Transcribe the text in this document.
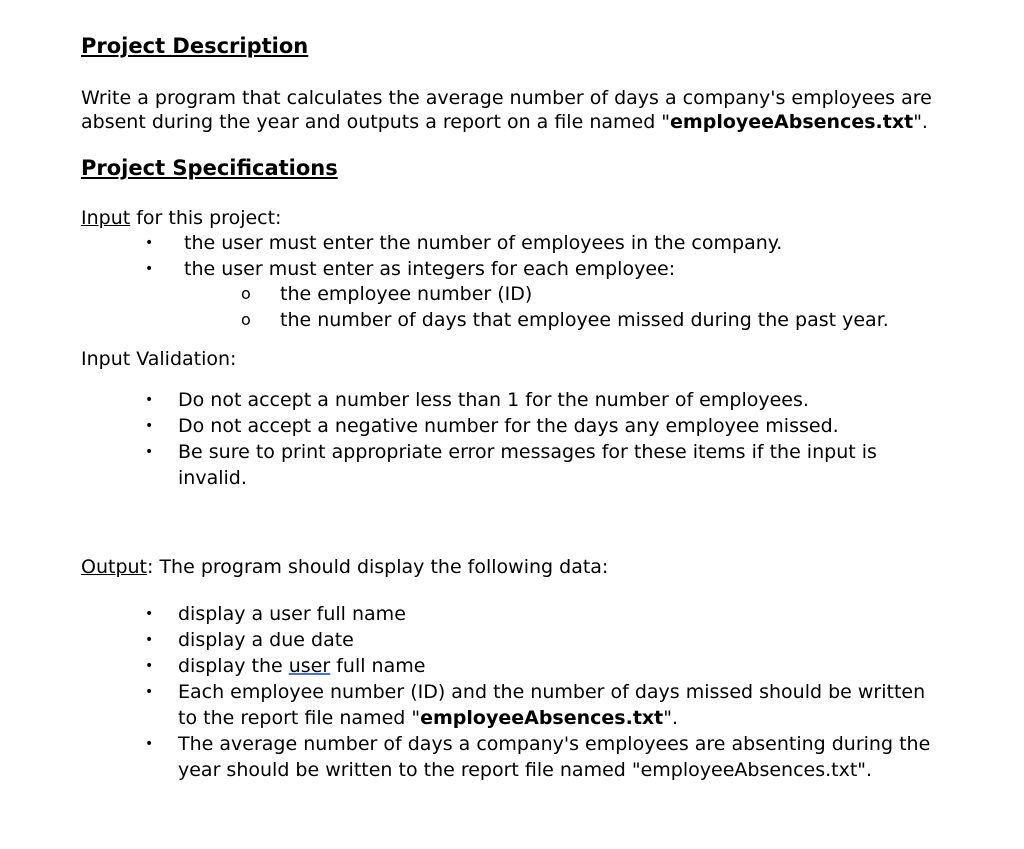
Project Description
Write a program that calculates the average number of days a company's employees are
absent during the year and outputs a report on a file named "employeeAbsences.txt".
Project Specifications
Input for this project:
• the user must enter the number of employees in the company.
• the user must enter as integers for each employee:
o the employee number (ID)
o the number of days that employee missed during the past year.
Input Validation:
• Do not accept a number less than 1 for the number of employees.
• Do not accept a negative number for the days any employee missed.
• Be sure to print appropriate error messages for these items if the input is
invalid.
Output: The program should display the following data:
• display a user full name
• display a due date
• display the user full name
• Each employee number (ID) and the number of days missed should be written
to the report file named "employeeAbsences.txt".
• The average number of days a company's employees are absenting during the
year should be written to the report file named "employeeAbsences.txt".
